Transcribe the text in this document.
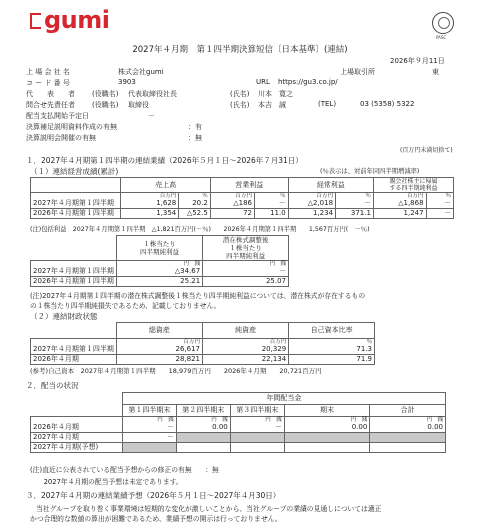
gumi
PASC
2027年４月期　第１四半期決算短信〔日本基準〕(連結)
2026年９月11日
上 場 会 社 名	株式会社gumi	上場取引所	東
コ ー ド 番 号	3903	URL https://gu3.co.jp/
代　　表　　者 (役職名) 代表取締役社長	(氏名) 川本　寛之
問合せ先責任者 (役職名) 取締役	(氏名) 本吉　誠	(TEL)	03 (5358) 5322
配当支払開始予定日	－
決算補足説明資料作成の有無	：有
決算説明会開催の有無	：無
(百万円未満切捨て)
１．2027年４月期第１四半期の連結業績（2026年５月１日～2026年７月31日）
（１）連結経営成績(累計)	(％表示は、対前年同四半期増減率)
	売上高		営業利益		経常利益		親会社株主に帰属
する四半期純利益	
	百万円	％	百万円	％	百万円	％	百万円	％
2027年４月期第１四半期	1,628	20.2	△186	－	△2,018	－	△1,868	－
2026年４月期第１四半期	1,354	△52.5	72	11.0	1,234	371.1	1,247	－
(注)包括利益　2027年４月期第１四半期　△1,821百万円(－％)　　2026年４月期第１四半期　　1,567百万円(　－％)
	１株当たり
四半期純利益	潜在株式調整後
１株当たり
四半期純利益
	円　銭	円　銭
2027年４月期第１四半期	△34.67	－
2026年４月期第１四半期	25.21	25.07
(注)2027年４月期第１四半期の潜在株式調整後１株当たり四半期純利益については、潜在株式が存在するもの
の１株当たり四半期純損失であるため、記載しておりません。
（２）連結財政状態
	総資産	純資産	自己資本比率
	百万円	百万円	％
2027年４月期第１四半期	26,617	20,329	71.3
2026年４月期	28,821	22,134	71.9
(参考)自己資本　2027年４月期第１四半期　　18,979百万円　　2026年４月期　　20,721百万円
２．配当の状況
	年間配当金				
	第１四半期末	第２四半期末	第３四半期末	期末	合計
	円　銭	円　銭	円　銭	円　銭	円　銭
2026年４月期	－	0.00	－	0.00	0.00
2027年４月期	－				
2027年４月期(予想)					
(注)直近に公表されている配当予想からの修正の有無　　：無
　　2027年４月期の配当予想は未定であります。
３．2027年４月期の連結業績予想（2026年５月１日～2027年４月30日）
当社グループを取り巻く事業環境は短期的な変化が激しいことから、当社グループの業績の見通しについては適正
かつ合理的な数値の算出が困難であるため、業績予想の開示は行っておりません。
